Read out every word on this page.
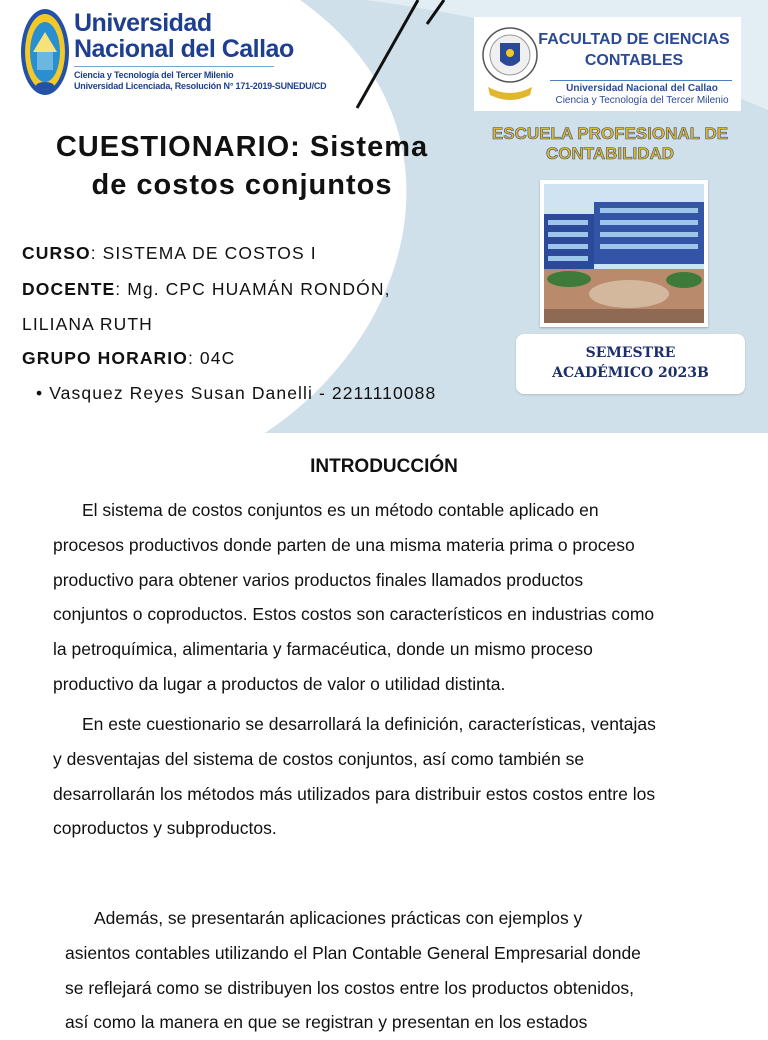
Universidad
Nacional del Callao
Ciencia y Tecnología del Tercer Milenio
Universidad Licenciada, Resolución N° 171-2019-SUNEDU/CD
FACULTAD DE CIENCIAS
CONTABLES
Universidad Nacional del Callao
Ciencia y Tecnología del Tercer Milenio
CUESTIONARIO: Sistema
de costos conjuntos
ESCUELA PROFESIONAL DE
CONTABILIDAD
CURSO: SISTEMA DE COSTOS I
DOCENTE: Mg. CPC HUAMÁN RONDÓN,
LILIANA RUTH
GRUPO HORARIO: 04C
• Vasquez Reyes Susan Danelli - 2211110088
SEMESTRE
ACADÉMICO 2023B
INTRODUCCIÓN
El sistema de costos conjuntos es un método contable aplicado en
procesos productivos donde parten de una misma materia prima o proceso
productivo para obtener varios productos finales llamados productos
conjuntos o coproductos. Estos costos son característicos en industrias como
la petroquímica, alimentaria y farmacéutica, donde un mismo proceso
productivo da lugar a productos de valor o utilidad distinta.
En este cuestionario se desarrollará la definición, características, ventajas
y desventajas del sistema de costos conjuntos, así como también se
desarrollarán los métodos más utilizados para distribuir estos costos entre los
coproductos y subproductos.
Además, se presentarán aplicaciones prácticas con ejemplos y
asientos contables utilizando el Plan Contable General Empresarial donde
se reflejará como se distribuyen los costos entre los productos obtenidos,
así como la manera en que se registran y presentan en los estados
